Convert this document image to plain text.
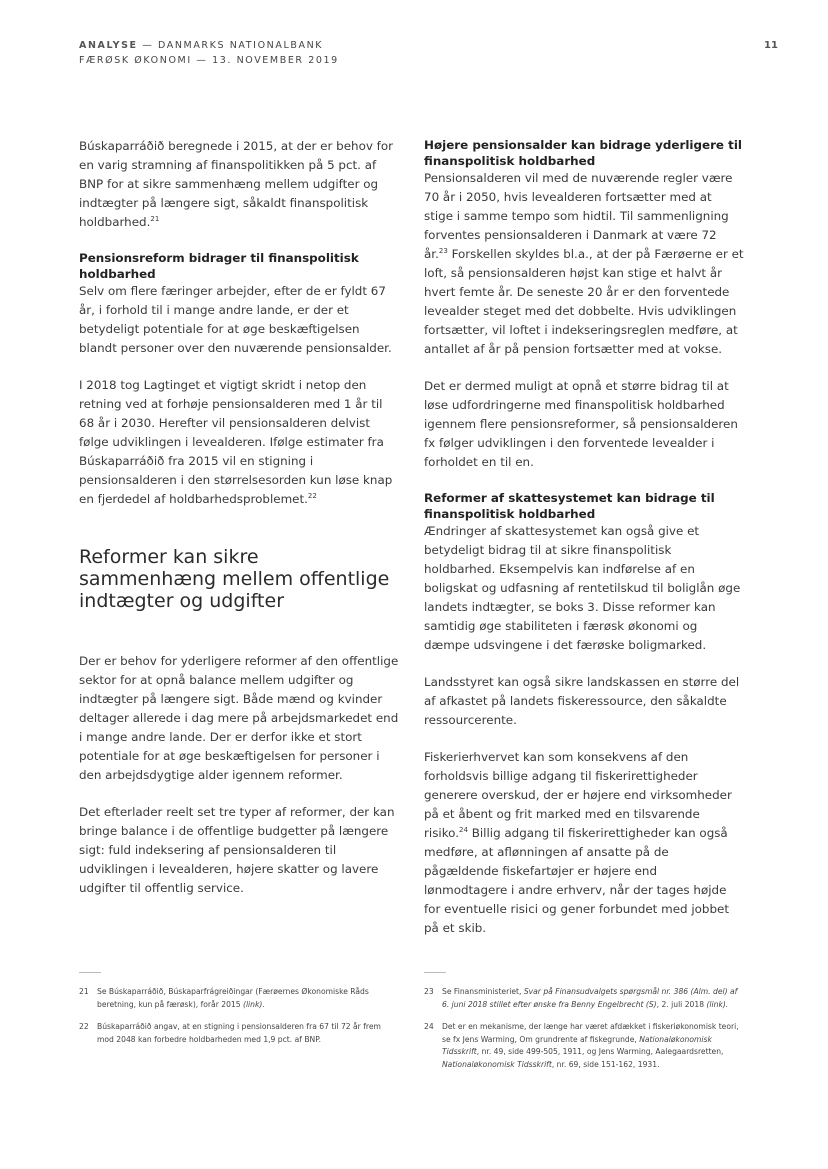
ANALYSE — DANMARKS NATIONALBANK
FÆRØSK ØKONOMI — 13. NOVEMBER 2019
11

Búskaparráðið beregnede i 2015, at der er behov for en varig stramning af finanspolitikken på 5 pct. af BNP for at sikre sammenhæng mellem udgifter og indtægter på længere sigt, såkaldt finanspolitisk holdbarhed.$^{21}$

Pensionsreform bidrager til finanspolitisk holdbarhed

Selv om flere færinger arbejder, efter de er fyldt 67 år, i forhold til i mange andre lande, er der et betydeligt potentiale for at øge beskæftigelsen blandt personer over den nuværende pensionsalder.

I 2018 tog Lagtinget et vigtigt skridt i netop den retning ved at forhøje pensionsalderen med 1 år til 68 år i 2030. Herefter vil pensionsalderen delvist følge udviklingen i levealderen. Ifølge estimater fra Búskaparráðið fra 2015 vil en stigning i pensionsalderen i den størrelsesorden kun løse knap en fjerdedel af holdbarhedsproblemet.$^{22}$

Reformer kan sikre sammenhæng mellem offentlige indtægter og udgifter

Der er behov for yderligere reformer af den offentlige sektor for at opnå balance mellem udgifter og indtægter på længere sigt. Både mænd og kvinder deltager allerede i dag mere på arbejdsmarkedet end i mange andre lande. Der er derfor ikke et stort potentiale for at øge beskæftigelsen for personer i den arbejdsdygtige alder igennem reformer.

Det efterlader reelt set tre typer af reformer, der kan bringe balance i de offentlige budgetter på længere sigt: fuld indeksering af pensionsalderen til udviklingen i levealderen, højere skatter og lavere udgifter til offentlig service.

Højere pensionsalder kan bidrage yderligere til finanspolitisk holdbarhed

Pensionsalderen vil med de nuværende regler være 70 år i 2050, hvis levealderen fortsætter med at stige i samme tempo som hidtil. Til sammenligning forventes pensionsalderen i Danmark at være 72 år.$^{23}$ Forskellen skyldes bl.a., at der på Færøerne er et loft, så pensionsalderen højst kan stige et halvt år hvert femte år. De seneste 20 år er den forventede levealder steget med det dobbelte. Hvis udviklingen fortsætter, vil loftet i indekseringsreglen medføre, at antallet af år på pension fortsætter med at vokse.

Det er dermed muligt at opnå et større bidrag til at løse udfordringerne med finanspolitisk holdbarhed igennem flere pensionsreformer, så pensionsalderen fx følger udviklingen i den forventede levealder i forholdet en til en.

Reformer af skattesystemet kan bidrage til finanspolitisk holdbarhed

Ændringer af skattesystemet kan også give et betydeligt bidrag til at sikre finanspolitisk holdbarhed. Eksempelvis kan indførelse af en boligskat og udfasning af rentetilskud til boliglån øge landets indtægter, se boks 3. Disse reformer kan samtidig øge stabiliteten i færøsk økonomi og dæmpe udsvingene i det færøske boligmarked.

Landsstyret kan også sikre landskassen en større del af afkastet på landets fiskeressource, den såkaldte ressourcerente.

Fiskerierhvervet kan som konsekvens af den forholdsvis billige adgang til fiskerirettigheder generere overskud, der er højere end virksomheder på et åbent og frit marked med en tilsvarende risiko.$^{24}$ Billig adgang til fiskerirettigheder kan også medføre, at aflønningen af ansatte på de pågældende fiskefartøjer er højere end lønmodtagere i andre erhverv, når der tages højde for eventuelle risici og gener forbundet med jobbet på et skib.

21	Se Búskaparráðið, Búskaparfrágreiðingar (Færøernes Økonomiske Råds beretning, kun på færøsk), forår 2015 (link).
22	Búskaparráðið angav, at en stigning i pensionsalderen fra 67 til 72 år frem mod 2048 kan forbedre holdbarheden med 1,9 pct. af BNP.
23	Se Finansministeriet, Svar på Finansudvalgets spørgsmål nr. 386 (Alm. del) af 6. juni 2018 stillet efter ønske fra Benny Engelbrecht (S), 2. juli 2018 (link).
24	Det er en mekanisme, der længe har været afdækket i fiskeriøkonomisk teori, se fx Jens Warming, Om grundrente af fiskegrunde, Nationaløkonomisk Tidsskrift, nr. 49, side 499-505, 1911, og Jens Warming, Aalegaardsretten, Nationaløkonomisk Tidsskrift, nr. 69, side 151-162, 1931.
